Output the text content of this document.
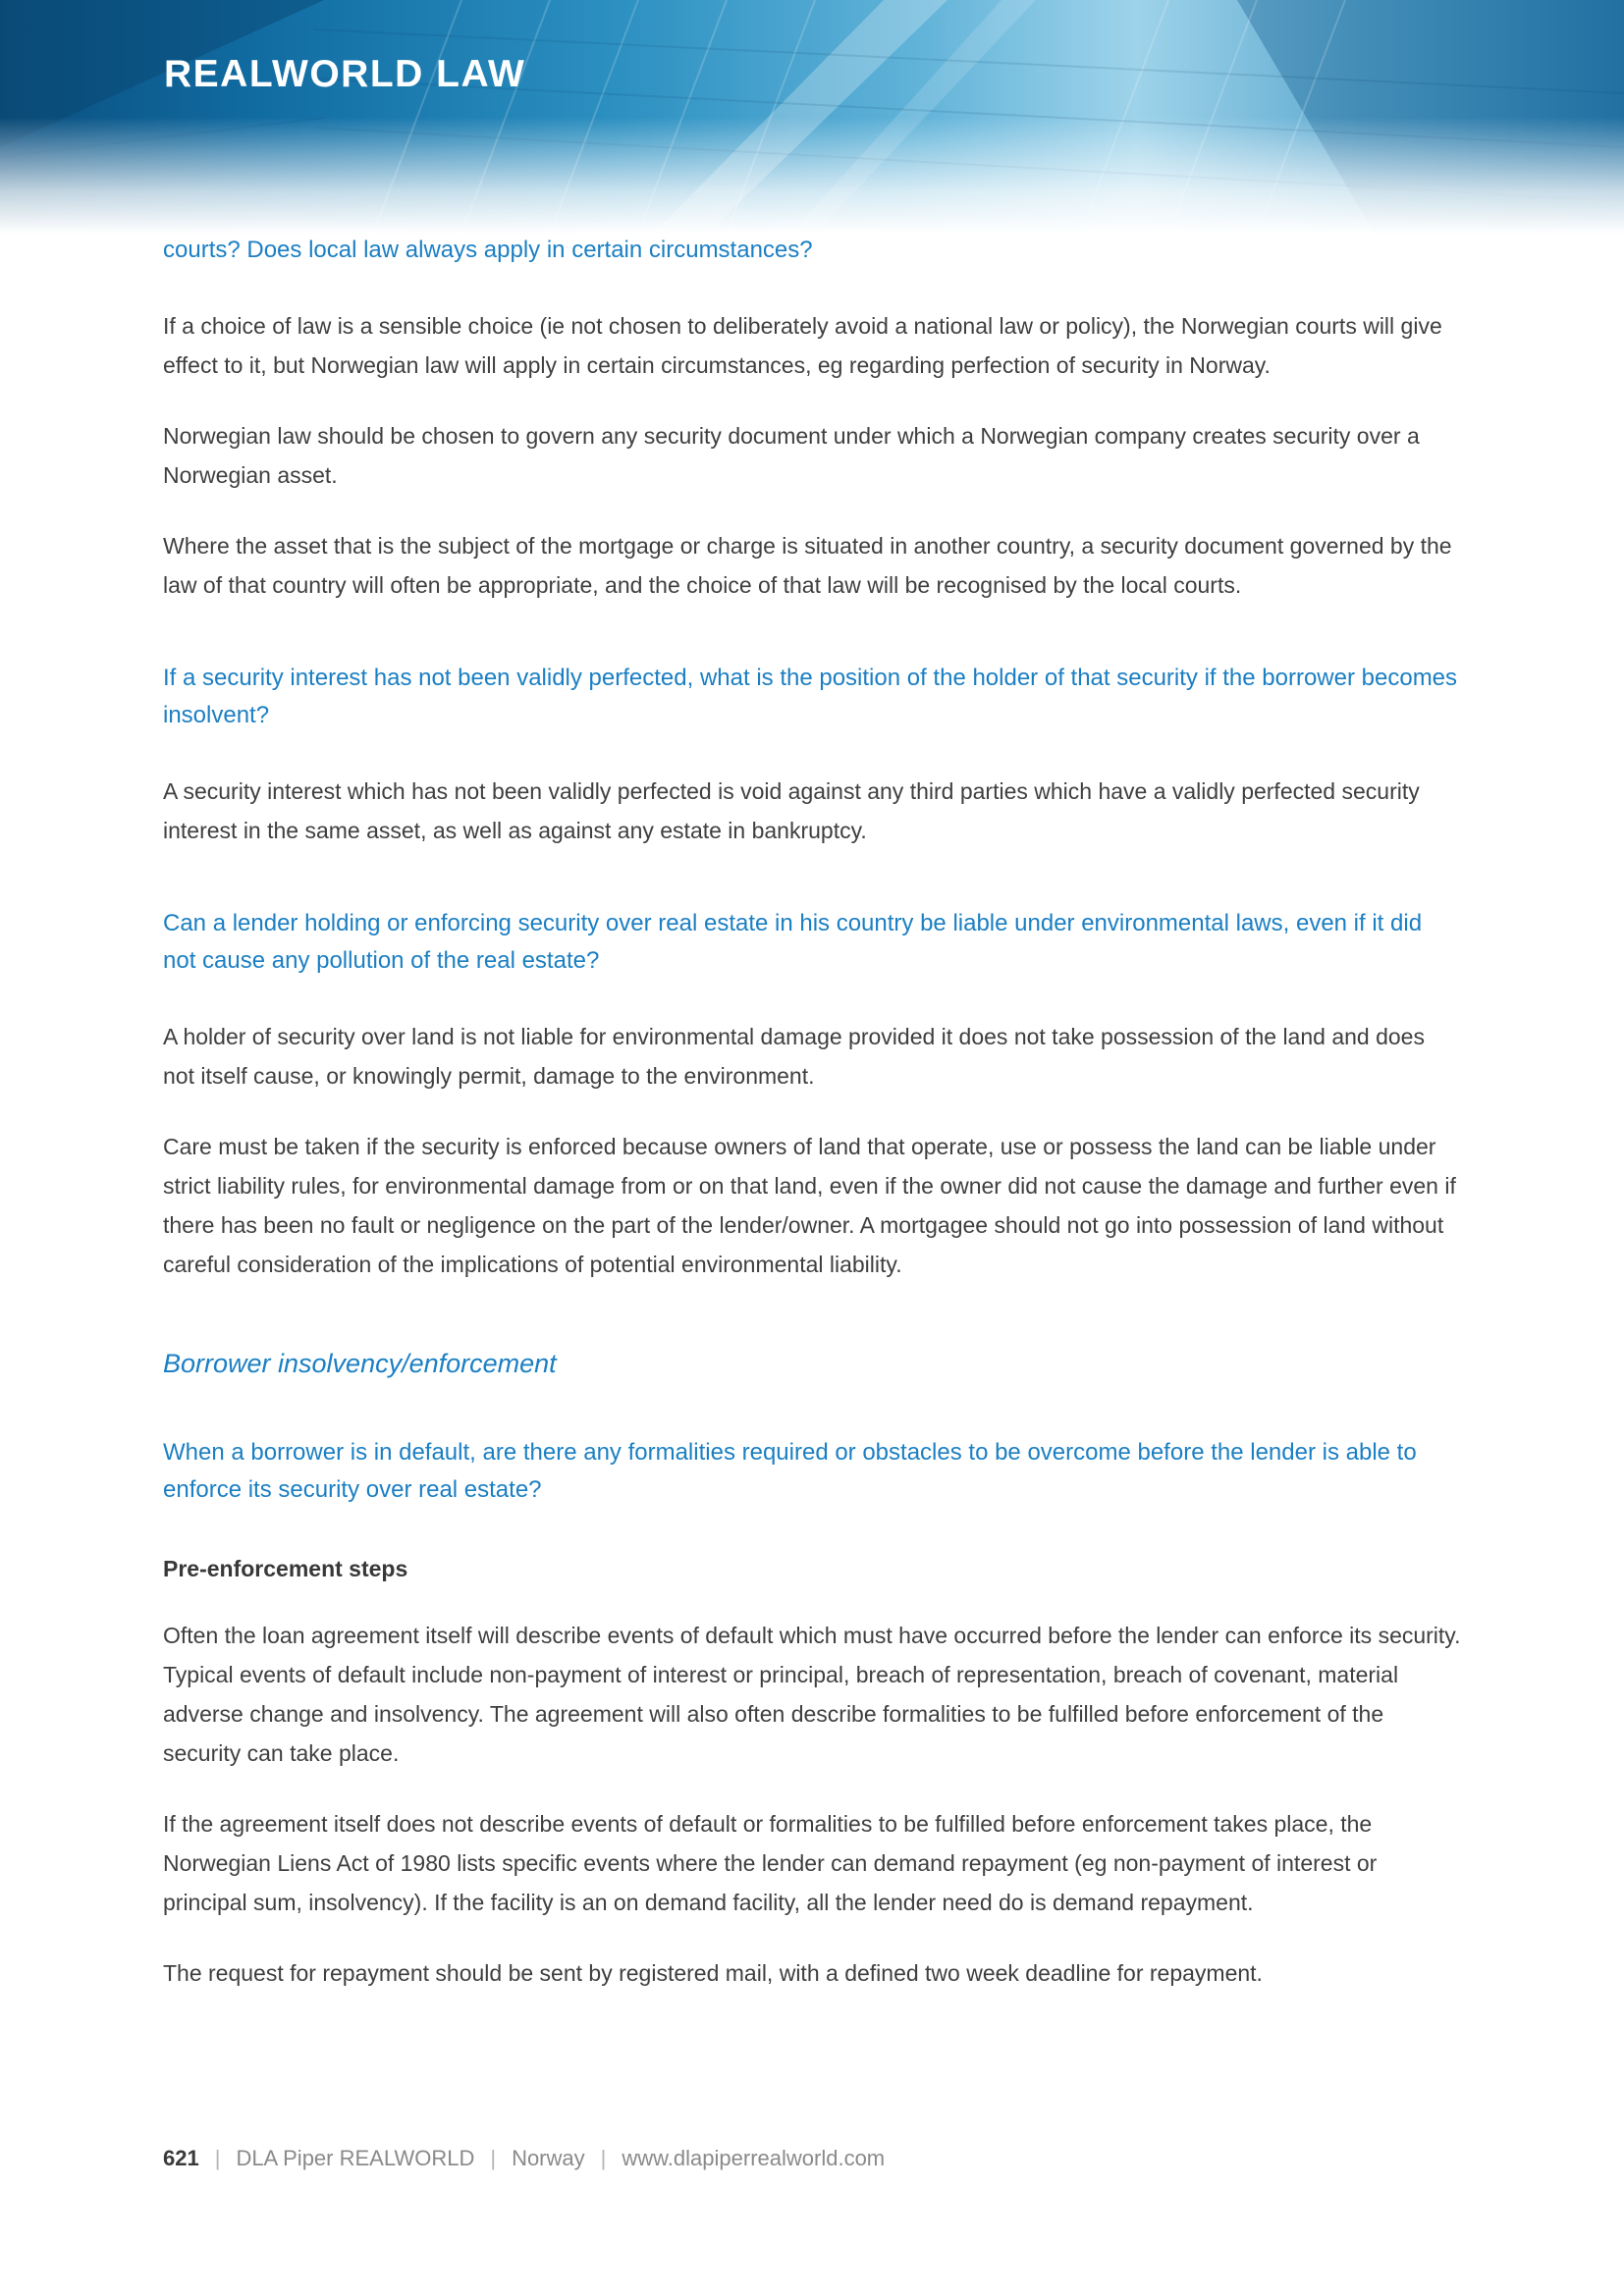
REALWORLD LAW
courts? Does local law always apply in certain circumstances?

If a choice of law is a sensible choice (ie not chosen to deliberately avoid a national law or policy), the Norwegian courts will give effect to it, but Norwegian law will apply in certain circumstances, eg regarding perfection of security in Norway.

Norwegian law should be chosen to govern any security document under which a Norwegian company creates security over a Norwegian asset.

Where the asset that is the subject of the mortgage or charge is situated in another country, a security document governed by the law of that country will often be appropriate, and the choice of that law will be recognised by the local courts.

If a security interest has not been validly perfected, what is the position of the holder of that security if the borrower becomes insolvent?

A security interest which has not been validly perfected is void against any third parties which have a validly perfected security interest in the same asset, as well as against any estate in bankruptcy.

Can a lender holding or enforcing security over real estate in his country be liable under environmental laws, even if it did not cause any pollution of the real estate?

A holder of security over land is not liable for environmental damage provided it does not take possession of the land and does not itself cause, or knowingly permit, damage to the environment.

Care must be taken if the security is enforced because owners of land that operate, use or possess the land can be liable under strict liability rules, for environmental damage from or on that land, even if the owner did not cause the damage and further even if there has been no fault or negligence on the part of the lender/owner. A mortgagee should not go into possession of land without careful consideration of the implications of potential environmental liability.

Borrower insolvency/enforcement
When a borrower is in default, are there any formalities required or obstacles to be overcome before the lender is able to enforce its security over real estate?
Pre-enforcement steps

Often the loan agreement itself will describe events of default which must have occurred before the lender can enforce its security. Typical events of default include non-payment of interest or principal, breach of representation, breach of covenant, material adverse change and insolvency. The agreement will also often describe formalities to be fulfilled before enforcement of the security can take place.

If the agreement itself does not describe events of default or formalities to be fulfilled before enforcement takes place, the Norwegian Liens Act of 1980 lists specific events where the lender can demand repayment (eg non-payment of interest or principal sum, insolvency). If the facility is an on demand facility, all the lender need do is demand repayment.

The request for repayment should be sent by registered mail, with a defined two week deadline for repayment.

621 | DLA Piper REALWORLD | Norway | www.dlapiperrealworld.com
